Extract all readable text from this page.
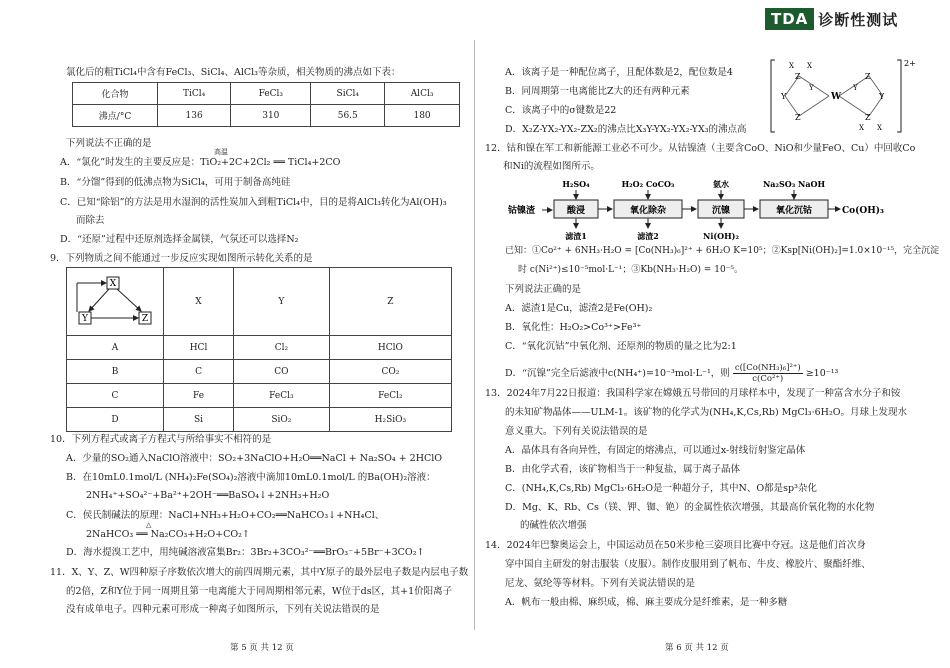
氯化后的粗TiCl₄中含有FeCl₃、SiCl₄、AlCl₃等杂质，相关物质的沸点如下表：
化合物	TiCl₄	FeCl₃	SiCl₄	AlCl₃
沸点/°C	136	310	56.5	180
下列说法不正确的是
高温
A．“氯化”时发生的主要反应是：TiO₂+2C+2Cl₂ ══ TiCl₄+2CO
B．“分馏”得到的低沸点物为SiCl₄，可用于制备高纯硅
C．已知“除铝”的方法是用水湿润的活性炭加入到粗TiCl₄中，目的是将AlCl₃转化为Al(OH)₃
而除去
D．“还原”过程中还原剂选择金属镁，气氛还可以选择N₂
9．下列物质之间不能通过一步反应实现如图所示转化关系的是
X
Y Z	X	Y	Z
A	HCl	Cl₂	HClO
B	C	CO	CO₂
C	Fe	FeCl₃	FeCl₂
D	Si	SiO₂	H₂SiO₃
10．下列方程式或离子方程式与所给事实不相符的是
A．少量的SO₂通入NaClO溶液中：SO₂+3NaClO+H₂O══NaCl + Na₂SO₄ + 2HClO
B．在10mL0.1mol/L (NH₄)₂Fe(SO₄)₂溶液中滴加10mL0.1mol/L 的Ba(OH)₂溶液：
2NH₄⁺+SO₄²⁻+Ba²⁺+2OH⁻══BaSO₄↓+2NH₃+H₂O
C．侯氏制碱法的原理：NaCl+NH₃+H₂O+CO₂══NaHCO₃↓+NH₄Cl、
△
2NaHCO₃ ══ Na₂CO₃+H₂O+CO₂↑
D．海水提溴工艺中，用纯碱溶液富集Br₂：3Br₂+3CO₃²⁻══BrO₃⁻+5Br⁻+3CO₂↑
11．X、Y、Z、W四种原子序数依次增大的前四周期元素，其中Y原子的最外层电子数是内层电子数
的2倍，Z和Y位于同一周期且第一电离能大于同周期相邻元素，W位于ds区，其+1价阳离子
没有成单电子。四种元素可形成一种离子如图所示，下列有关说法错误的是
第 5 页 共 12 页
A．该离子是一种配位离子，且配体数是2，配位数是4
B．同周期第一电离能比Z大的还有两种元素
C．该离子中的σ键数是22
D．X₂Z-YX₂-YX₂-ZX₂的沸点比X₃Y-YX₂-YX₂-YX₃的沸点高
2+
W
Z
Z
Z
Z
Y	Y
Y	Y
X X
X X
12．钴和镍在军工和新能源工业必不可少。从钴镍渣（主要含CoO、NiO和少量FeO、Cu）中回收Co
和Ni的流程如图所示。
TDA 诊断性测试
第 6 页 共 12 页
钴镍渣	酸浸
H₂SO₄
滤渣1
氧化除杂
H₂O₂ CoCO₃
滤渣2
沉镍
氨水
Ni(OH)₂
氧化沉钴
Na₂SO₃ NaOH
Co(OH)₃
已知：①Co²⁺ + 6NH₃·H₂O = [Co(NH₃)₆]²⁺ + 6H₂O K=10⁵；②Ksp[Ni(OH)₂]=1.0×10⁻¹⁵，完全沉淀
时 c(Ni²⁺)≤10⁻⁵mol·L⁻¹；③Kb(NH₃·H₂O) = 10⁻⁵。
下列说法正确的是
A．滤渣1是Cu，滤渣2是Fe(OH)₂
B．氧化性：H₂O₂>Co³⁺>Fe³⁺
C．“氧化沉钴”中氧化剂、还原剂的物质的量之比为2:1
D．“沉镍”完全后滤液中c(NH₄⁺)=10⁻³mol·L⁻¹，则 $\frac{\text{c([Co(NH₃)₆]²⁺)}}{\text{c(Co²⁺)}} \ge 10^{-13}$
13．2024年7月22日报道：我国科学家在嫦娥五号带回的月球样本中，发现了一种富含水分子和铵
的未知矿物晶体——ULM-1。该矿物的化学式为(NH₄,K,Cs,Rb) MgCl₃·6H₂O。月球上发现水
意义重大。下列有关说法错误的是
A．晶体具有各向异性，有固定的熔沸点，可以通过x-射线衍射鉴定晶体
B．由化学式看，该矿物相当于一种复盐，属于离子晶体
C．(NH₄,K,Cs,Rb) MgCl₃·6H₂O是一种超分子，其中N、O都是sp³杂化
D．Mg、K、Rb、Cs（镁、钾、铷、铯）的金属性依次增强，其最高价氧化物的水化物
的碱性依次增强
14．2024年巴黎奥运会上，中国运动员在50米步枪三姿项目比赛中夺冠。这是他们首次身
穿中国自主研发的射击服装（皮服）。制作皮服用到了帆布、牛皮、橡胶片、聚酯纤维、
尼龙、氨纶等等材料。下列有关说法错误的是
A．帆布一般由棉、麻织成，棉、麻主要成分是纤维素，是一种多糖
